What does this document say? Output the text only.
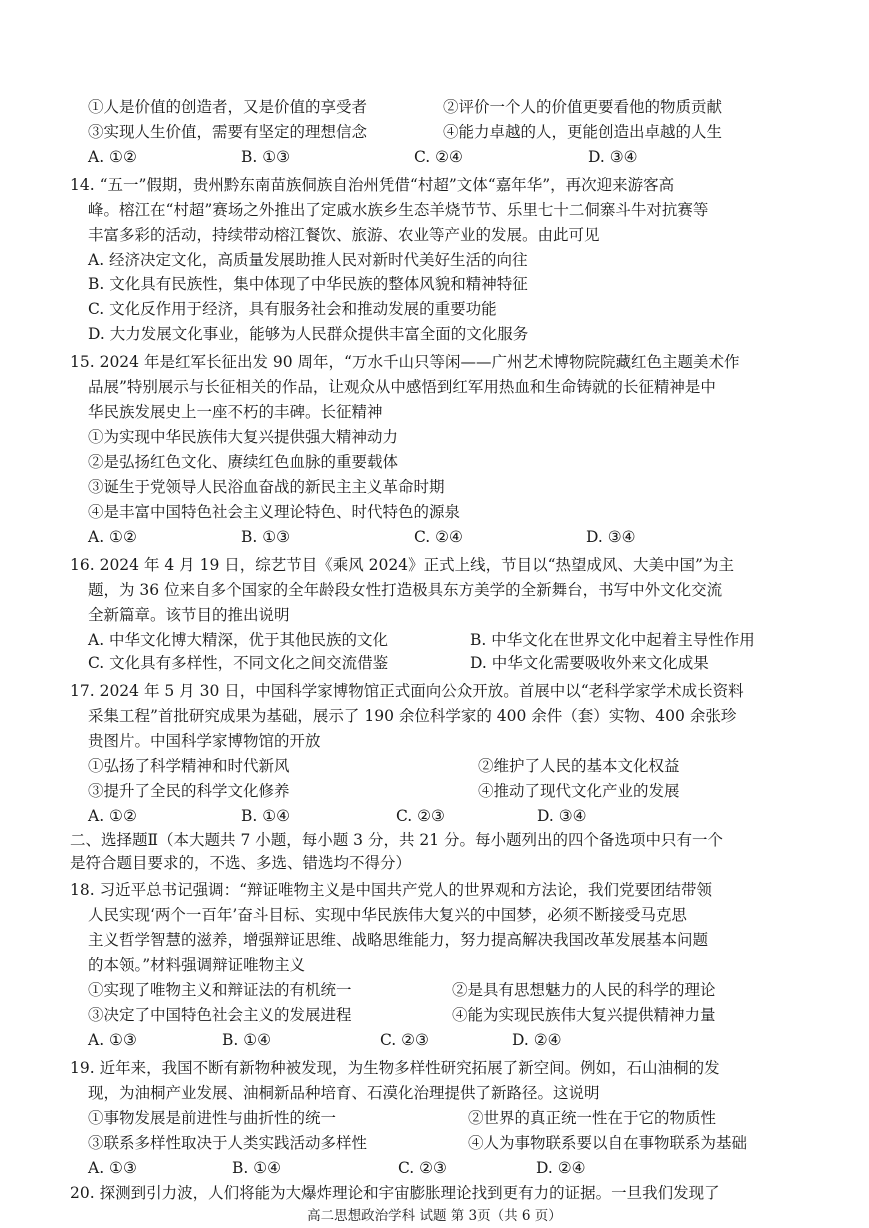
①人是价值的创造者，又是价值的享受者	②评价一个人的价值更要看他的物质贡献
③实现人生价值，需要有坚定的理想信念	④能力卓越的人，更能创造出卓越的人生
A. ①②	B. ①③	C. ②④	D. ③④
14. “五一”假期，贵州黔东南苗族侗族自治州凭借“村超”文体“嘉年华”，再次迎来游客高
峰。榕江在“村超”赛场之外推出了定戚水族乡生态羊烧节节、乐里七十二侗寨斗牛对抗赛等
丰富多彩的活动，持续带动榕江餐饮、旅游、农业等产业的发展。由此可见
A. 经济决定文化，高质量发展助推人民对新时代美好生活的向往
B. 文化具有民族性，集中体现了中华民族的整体风貌和精神特征
C. 文化反作用于经济，具有服务社会和推动发展的重要功能
D. 大力发展文化事业，能够为人民群众提供丰富全面的文化服务
15. 2024 年是红军长征出发 90 周年，“万水千山只等闲——广州艺术博物院院藏红色主题美术作
品展”特别展示与长征相关的作品，让观众从中感悟到红军用热血和生命铸就的长征精神是中
华民族发展史上一座不朽的丰碑。长征精神
①为实现中华民族伟大复兴提供强大精神动力
②是弘扬红色文化、赓续红色血脉的重要载体
③诞生于党领导人民浴血奋战的新民主主义革命时期
④是丰富中国特色社会主义理论特色、时代特色的源泉
A. ①②	B. ①③	C. ②④	D. ③④
16. 2024 年 4 月 19 日，综艺节目《乘风 2024》正式上线，节目以“热望成风、大美中国”为主
题，为 36 位来自多个国家的全年龄段女性打造极具东方美学的全新舞台，书写中外文化交流
全新篇章。该节目的推出说明
A. 中华文化博大精深，优于其他民族的文化	B. 中华文化在世界文化中起着主导性作用
C. 文化具有多样性，不同文化之间交流借鉴	D. 中华文化需要吸收外来文化成果
17. 2024 年 5 月 30 日，中国科学家博物馆正式面向公众开放。首展中以“老科学家学术成长资料
采集工程”首批研究成果为基础，展示了 190 余位科学家的 400 余件（套）实物、400 余张珍
贵图片。中国科学家博物馆的开放
①弘扬了科学精神和时代新风	②维护了人民的基本文化权益
③提升了全民的科学文化修养	④推动了现代文化产业的发展
A. ①②	B. ①④	C. ②③	D. ③④
二、选择题Ⅱ（本大题共 7 小题，每小题 3 分，共 21 分。每小题列出的四个备选项中只有一个
是符合题目要求的，不选、多选、错选均不得分）
18. 习近平总书记强调：“辩证唯物主义是中国共产党人的世界观和方法论，我们党要团结带领
人民实现‘两个一百年’奋斗目标、实现中华民族伟大复兴的中国梦，必须不断接受马克思
主义哲学智慧的滋养，增强辩证思维、战略思维能力，努力提高解决我国改革发展基本问题
的本领。”材料强调辩证唯物主义
①实现了唯物主义和辩证法的有机统一	②是具有思想魅力的人民的科学的理论
③决定了中国特色社会主义的发展进程	④能为实现民族伟大复兴提供精神力量
A. ①③	B. ①④	C. ②③	D. ②④
19. 近年来，我国不断有新物种被发现，为生物多样性研究拓展了新空间。例如，石山油桐的发
现，为油桐产业发展、油桐新品种培育、石漠化治理提供了新路径。这说明
①事物发展是前进性与曲折性的统一	②世界的真正统一性在于它的物质性
③联系多样性取决于人类实践活动多样性	④人为事物联系要以自在事物联系为基础
A. ①③	B. ①④	C. ②③	D. ②④
20. 探测到引力波，人们将能为大爆炸理论和宇宙膨胀理论找到更有力的证据。一旦我们发现了
高二思想政治学科 试题 第 3页（共 6 页）
